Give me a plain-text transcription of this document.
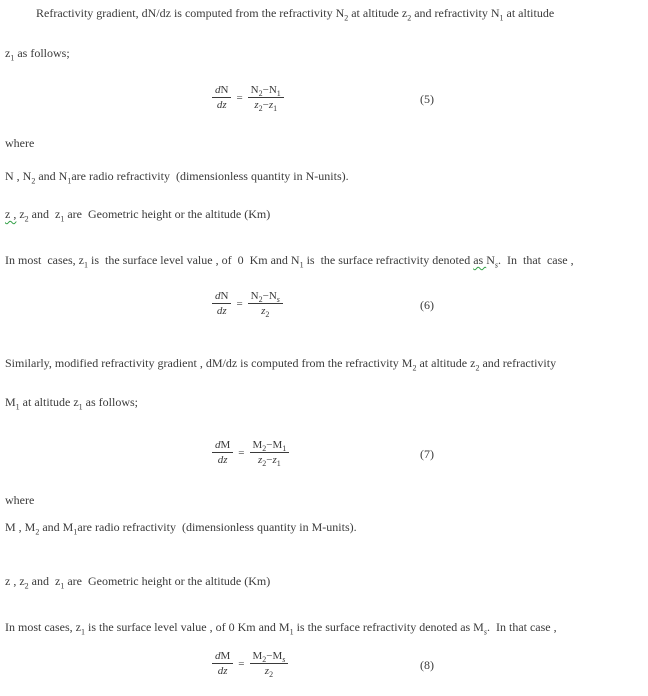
Refractivity gradient, dN/dz is computed from the refractivity $N_2$ at altitude $z_2$ and refractivity $N_1$ at altitude
$z_1$ as follows;
$\frac{dN}{dz} = \frac{N_2-N_1}{z_2-z_1}$	(5)
where
N , $N_2$ and $N_1are$ radio refractivity  (dimensionless quantity in N-units).
z , $z_2$ and  $z_1$ are  Geometric height or the altitude (Km)
In most  cases, $z_1$ is  the surface level value , of  0  Km and $N_1$ is  the surface refractivity denoted as $N_s$.  In  that  case ,
$\frac{dN}{dz} = \frac{N_2-N_s}{z_2}$	(6)
Similarly, modified refractivity gradient , dM/dz is computed from the refractivity $M_2$ at altitude $z_2$ and refractivity
$M_1$ at altitude $z_1$ as follows;
$\frac{dM}{dz} = \frac{M_2-M_1}{z_2-z_1}$	(7)
where
M , $M_2$ and $M_1are$ radio refractivity  (dimensionless quantity in M-units).
z , $z_2$ and  $z_1$ are  Geometric height or the altitude (Km)
In most cases, $z_1$ is the surface level value , of 0 Km and $M_1$ is the surface refractivity denoted as $M_s$.  In that case ,
$\frac{dM}{dz} = \frac{M_2-M_s}{z_2}$	(8)
